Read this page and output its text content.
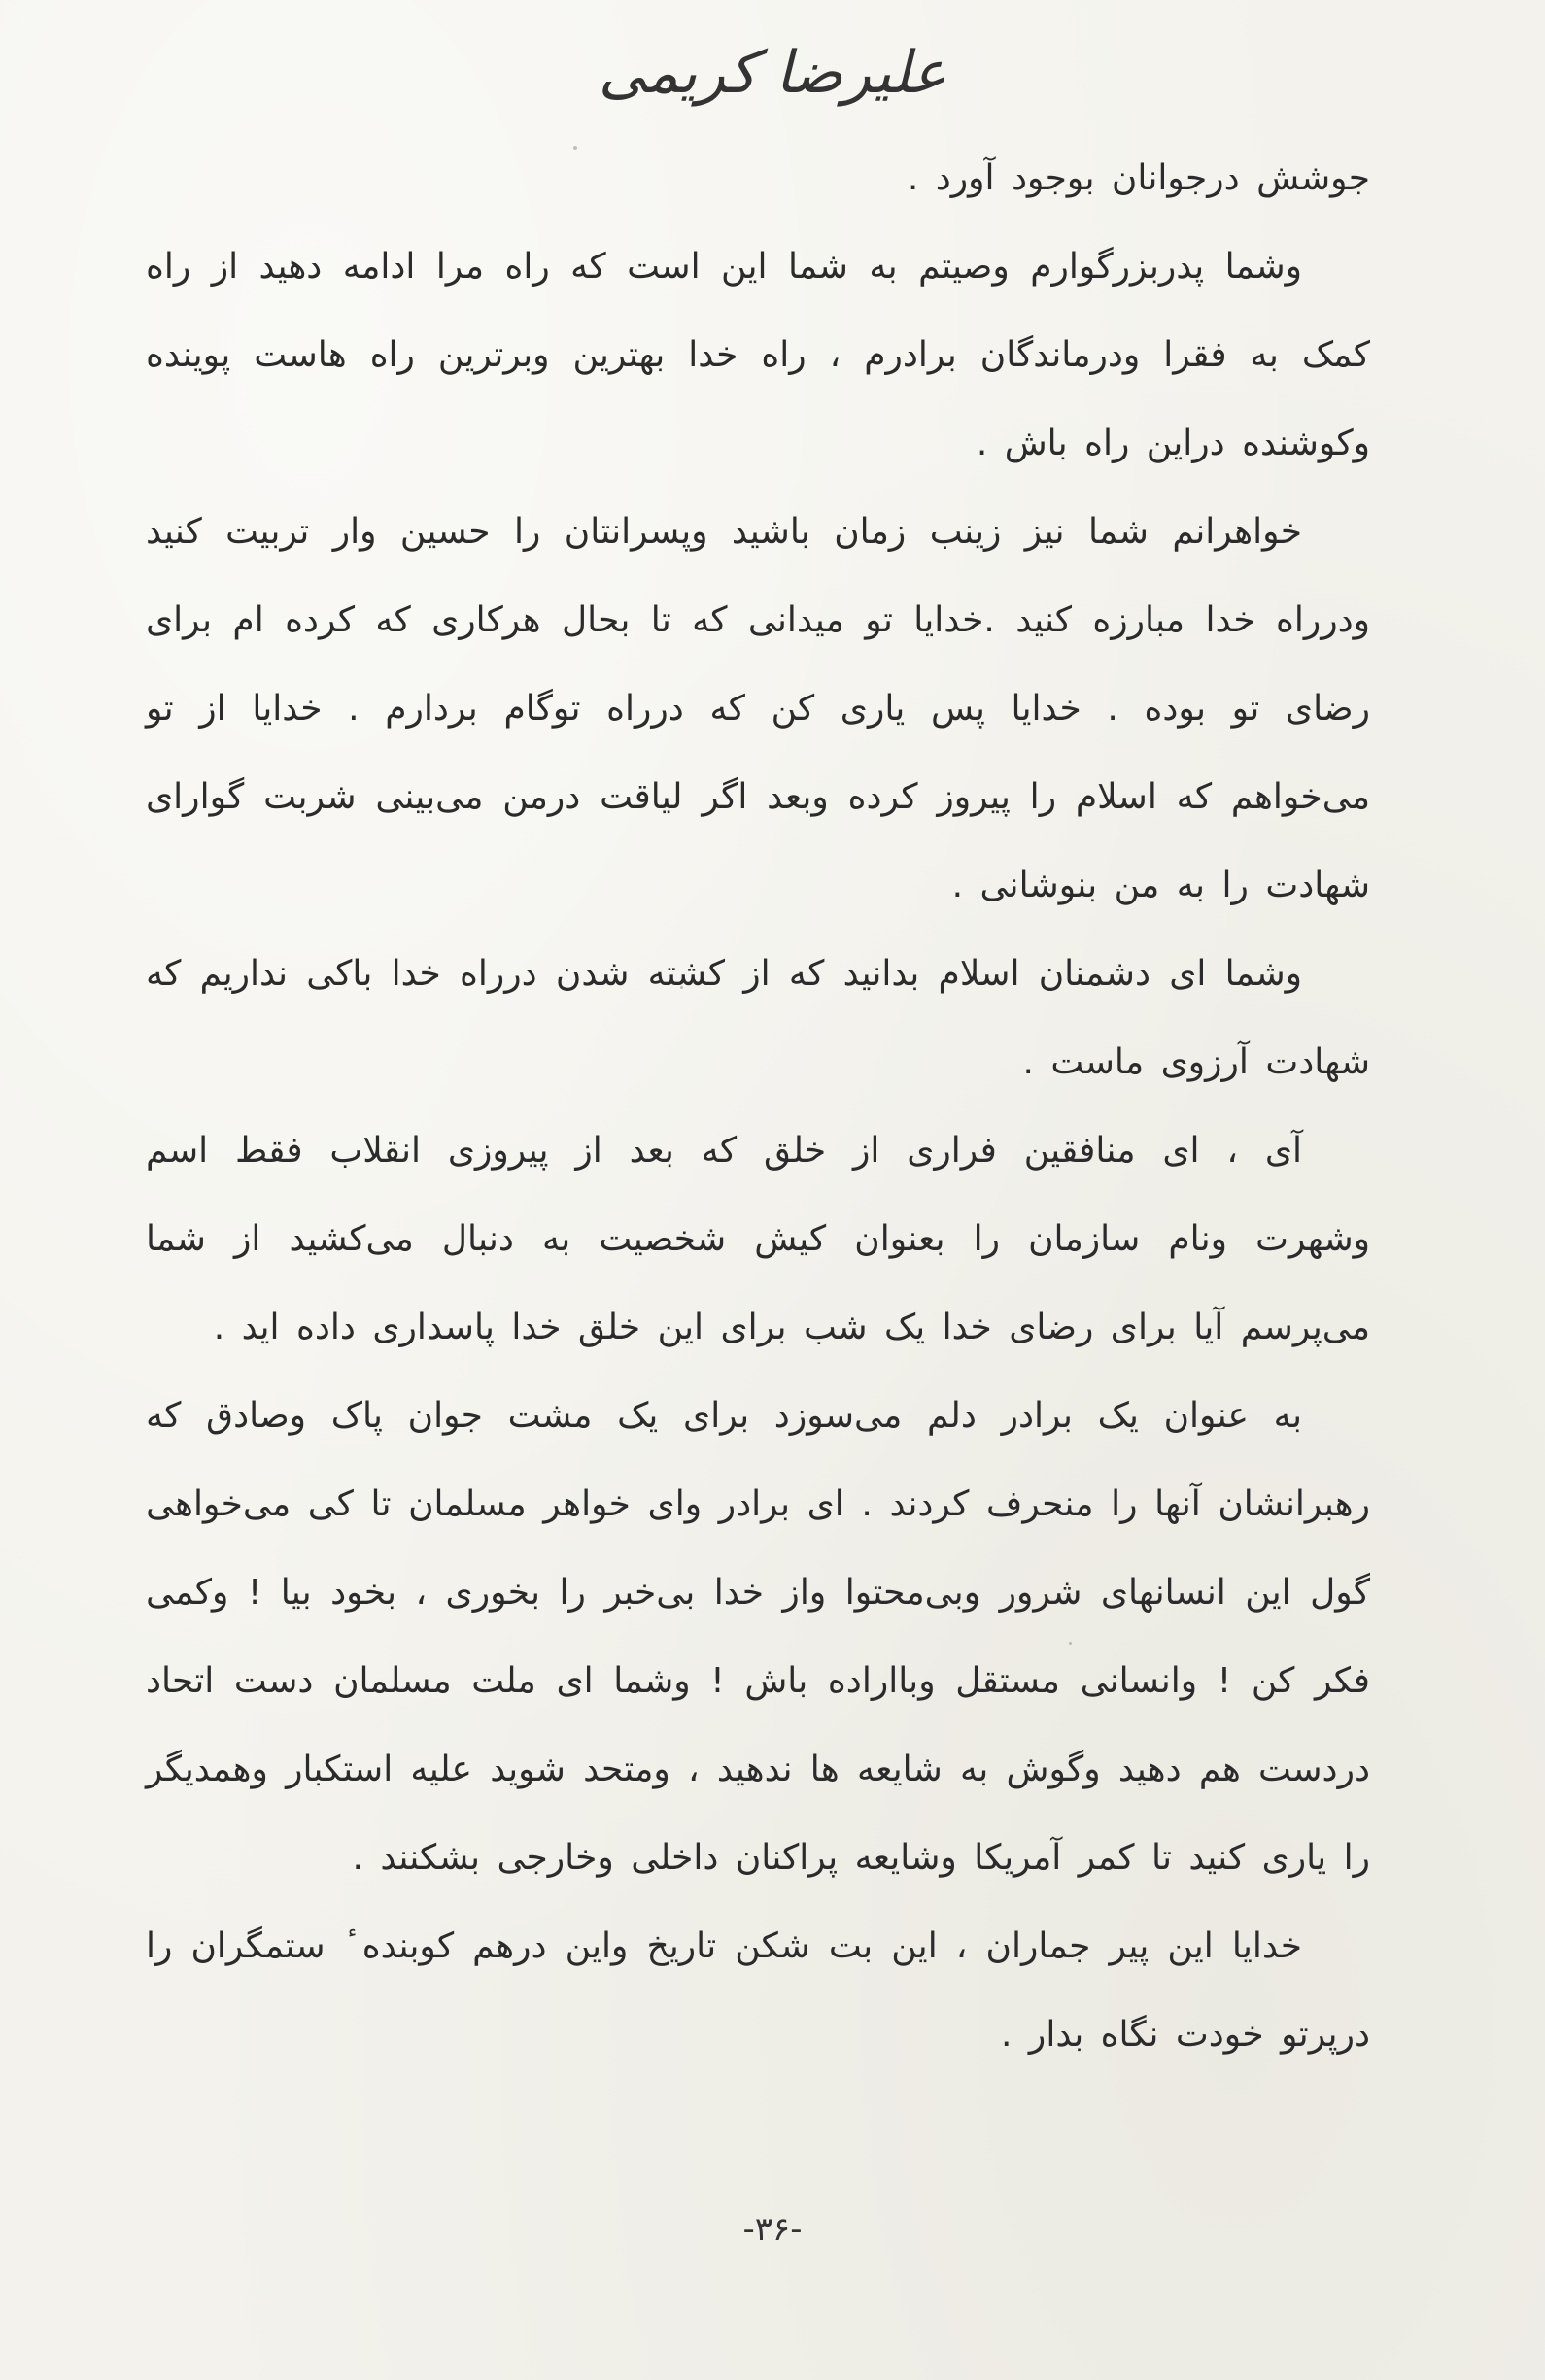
علیرضا کریمی

جوشش درجوانان بوجود آورد .

وشما پدربزرگوارم وصیتم به شما این است که راه مرا ادامه دهید از راه کمک به فقرا ودرماندگان برادرم ، راه خدا بهترین وبرترین راه هاست پوینده وکوشنده دراین راه باش .

خواهرانم شما نیز زینب زمان باشید وپسرانتان را حسین وار تربیت کنید ودرراه خدا مبارزه کنید .خدایا تو میدانی که تا بحال هرکاری که کرده ام برای رضای تو بوده . خدایا پس یاری کن که درراه توگام بردارم . خدایا از تو می‌خواهم که اسلام را پیروز کرده وبعد اگر لیاقت درمن می‌بینی شربت گوارای شهادت را به من بنوشانی .

وشما ای دشمنان اسلام بدانید که از کشته شدن درراه خدا باکی نداریم که شهادت آرزوی ماست .

آی ، ای منافقین فراری از خلق که بعد از پیروزی انقلاب فقط اسم وشهرت ونام سازمان را بعنوان کیش شخصیت به دنبال می‌کشید از شما می‌پرسم آیا برای رضای خدا یک شب برای این خلق خدا پاسداری داده اید .

به عنوان یک برادر دلم می‌سوزد برای یک مشت جوان پاک وصادق که رهبرانشان آنها را منحرف کردند . ای برادر وای خواهر مسلمان تا کی می‌خواهی گول این انسانهای شرور وبی‌محتوا واز خدا بی‌خبر را بخوری ، بخود بیا ! وکمی فکر کن ! وانسانی مستقل وبااراده باش ! وشما ای ملت مسلمان دست اتحاد دردست هم دهید وگوش به شایعه ها ندهید ، ومتحد شوید علیه استکبار وهمدیگر را یاری کنید تا کمر آمریکا وشایعه پراکنان داخلی وخارجی بشکنند .

خدایا این پیر جماران ، این بت شکن تاریخ واین درهم کوبنده ٔ ستمگران را درپرتو خودت نگاه بدار .

-۳۶-
